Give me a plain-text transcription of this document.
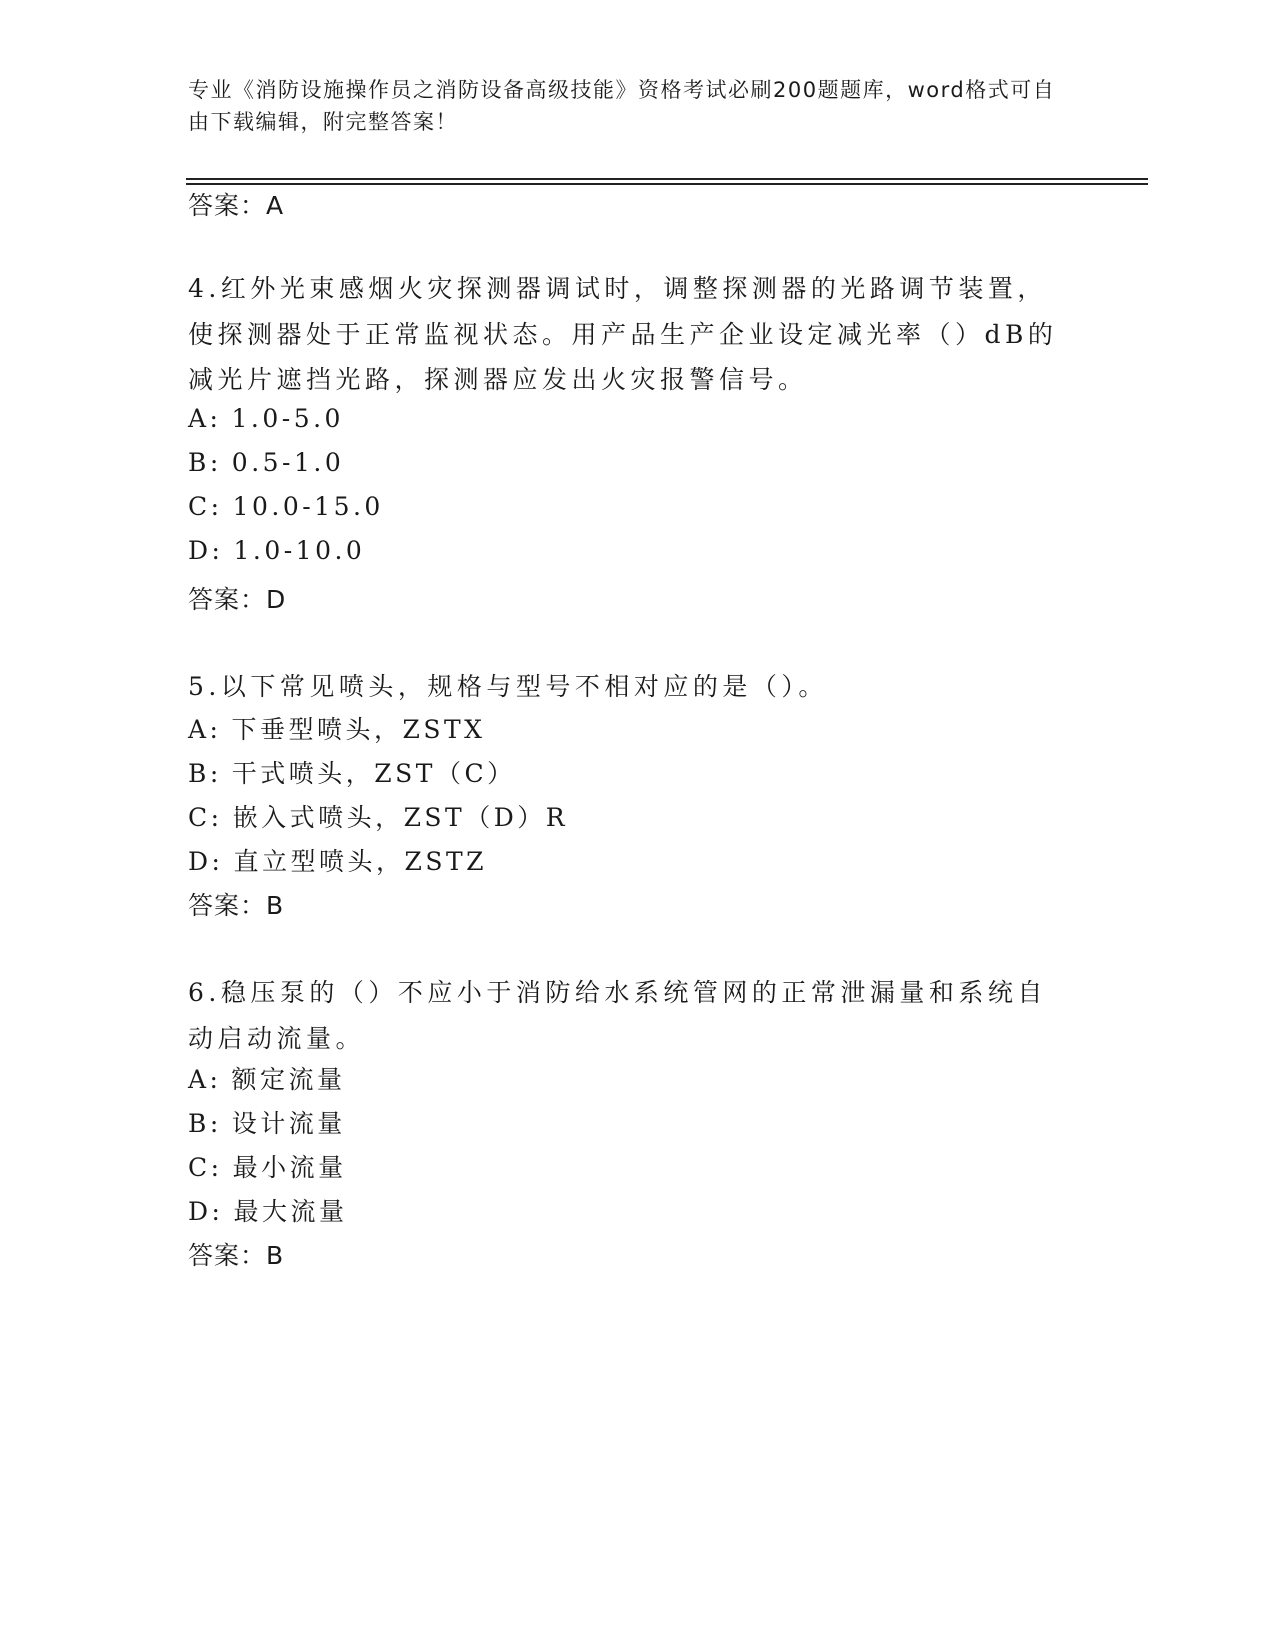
专业《消防设施操作员之消防设备高级技能》资格考试必刷200题题库，word格式可自由下载编辑，附完整答案！
答案：A
4.红外光束感烟火灾探测器调试时，调整探测器的光路调节装置，使探测器处于正常监视状态。用产品生产企业设定减光率（）dB的减光片遮挡光路，探测器应发出火灾报警信号。
A: 1.0-5.0
B: 0.5-1.0
C: 10.0-15.0
D: 1.0-10.0
答案：D
5.以下常见喷头，规格与型号不相对应的是（）。
A: 下垂型喷头，ZSTX
B: 干式喷头，ZST（C）
C: 嵌入式喷头，ZST（D）R
D: 直立型喷头，ZSTZ
答案：B
6.稳压泵的（）不应小于消防给水系统管网的正常泄漏量和系统自动启动流量。
A: 额定流量
B: 设计流量
C: 最小流量
D: 最大流量
答案：B
